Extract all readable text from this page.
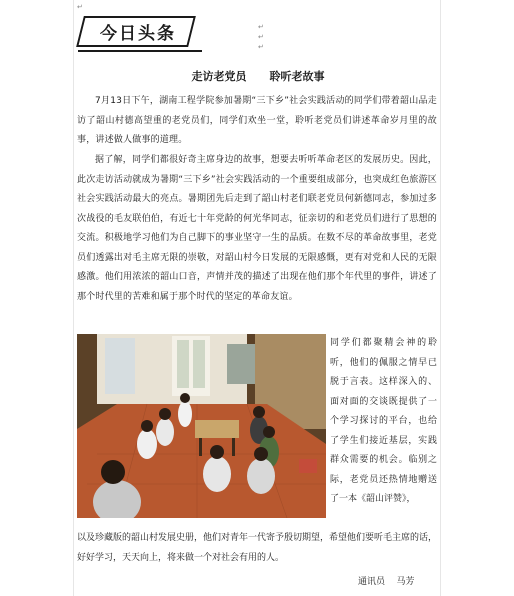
↵
今日头条	↵
↵
↵
走访老党员      聆听老故事

7月13日下午，湖南工程学院参加暑期“三下乡”社会实践活动的同学们带着韶山品走访了韶山村德高望重的老党员们，同学们欢坐一堂，聆听老党员们讲述革命岁月里的故事，讲述做人做事的道理。

据了解，同学们都很好奇主席身边的故事，想要去听听革命老区的发展历史。因此，此次走访活动就成为暑期“三下乡”社会实践活动的一个重要组成部分，也突成红色旅游区社会实践活动最大的亮点。暑期团先后走到了韶山村老们联老党员何新德同志，参加过多次战役的毛友联伯伯，有近七十年党龄的何光华同志，征亲切的和老党员们进行了思想的交流。积极地学习他们为自己脚下的事业坚守一生的品质。在数不尽的革命故事里，老党员们透露出对毛主席无限的崇敬，对韶山村今日发展的无限感慨，更有对党和人民的无限感激。他们用浓浓的韶山口音，声情并茂的描述了出现在他们那个年代里的事件，讲述了那个时代里的苦难和属于那个时代的坚定的革命友谊。

同学们都聚精会神的聆听，他们的佩服之情早已脱于言表。这样深入的、面对面的交谈既提供了一个学习探讨的平台，也给了学生们接近基层，实践群众需要的机会。临别之际，老党员还热情地赠送了一本《韶山评赞》，

以及珍藏版的韶山村发展史册，他们对青年一代寄予殷切期望，希望他们要听毛主席的话，好好学习，天天向上，将来做一个对社会有用的人。

通讯员    马芳
